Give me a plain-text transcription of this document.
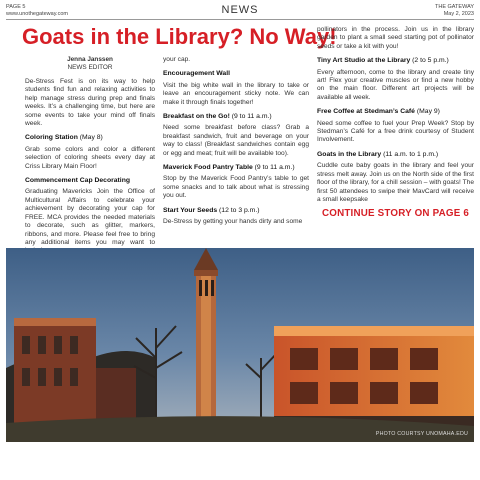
PAGE 5
www.unothegateway.com	NEWS	THE GATEWAY
May 2, 2023
Goats in the Library? No Way!
Jenna Janssen
NEWS EDITOR

De-Stress Fest is on its way to help students find fun and relaxing activities to help manage stress during prep and finals weeks. It’s a challenging time, but here are some events to take your mind off finals week.

Coloring Station (May 8)

Grab some colors and color a different selection of coloring sheets every day at Criss Library Main Floor!

Commencement Cap Decorating

Graduating Mavericks Join the Office of Multicultural Affairs to celebrate your achievement by decorating your cap for FREE. MCA provides the needed materials to decorate, such as glitter, markers, ribbons, and more. Please feel free to bring any additional items you may want to

your cap.

Encouragement Wall

Visit the big white wall in the library to take or leave an encouragement sticky note. We can make it through finals together!

Breakfast on the Go! (9 to 11 a.m.)

Need some breakfast before class? Grab a breakfast sandwich, fruit and beverage on your way to class! (Breakfast sandwiches contain egg or egg and meat; fruit will be available too).

Maverick Food Pantry Table (9 to 11 a.m.)

Stop by the Maverick Food Pantry’s table to get some snacks and to talk about what is stressing you out.

Start Your Seeds (12 to 3 p.m.)

De-Stress by getting your hands dirty and some

pollinators in the process. Join us in the library garden to plant a small seed starting pot of pollinator seeds or take a kit with you!

Tiny Art Studio at the Library (2 to 5 p.m.)

Every afternoon, come to the library and create tiny art! Flex your creative muscles or find a new hobby on the main floor. Different art projects will be available all week.

Free Coffee at Stedman’s Café (May 9)

Need some coffee to fuel your Prep Week? Stop by Stedman’s Café for a free drink courtesy of Student Involvement.

Goats in the Library (11 a.m. to 1 p.m.)

Cuddle cute baby goats in the library and feel your stress melt away. Join us on the North side of the first floor of the library, for a chill session – with goats! The first 50 attendees to swipe their MavCard will receive a small keepsake

CONTINUE STORY ON PAGE 6
PHOTO COURTSY UNOMAHA.EDU
